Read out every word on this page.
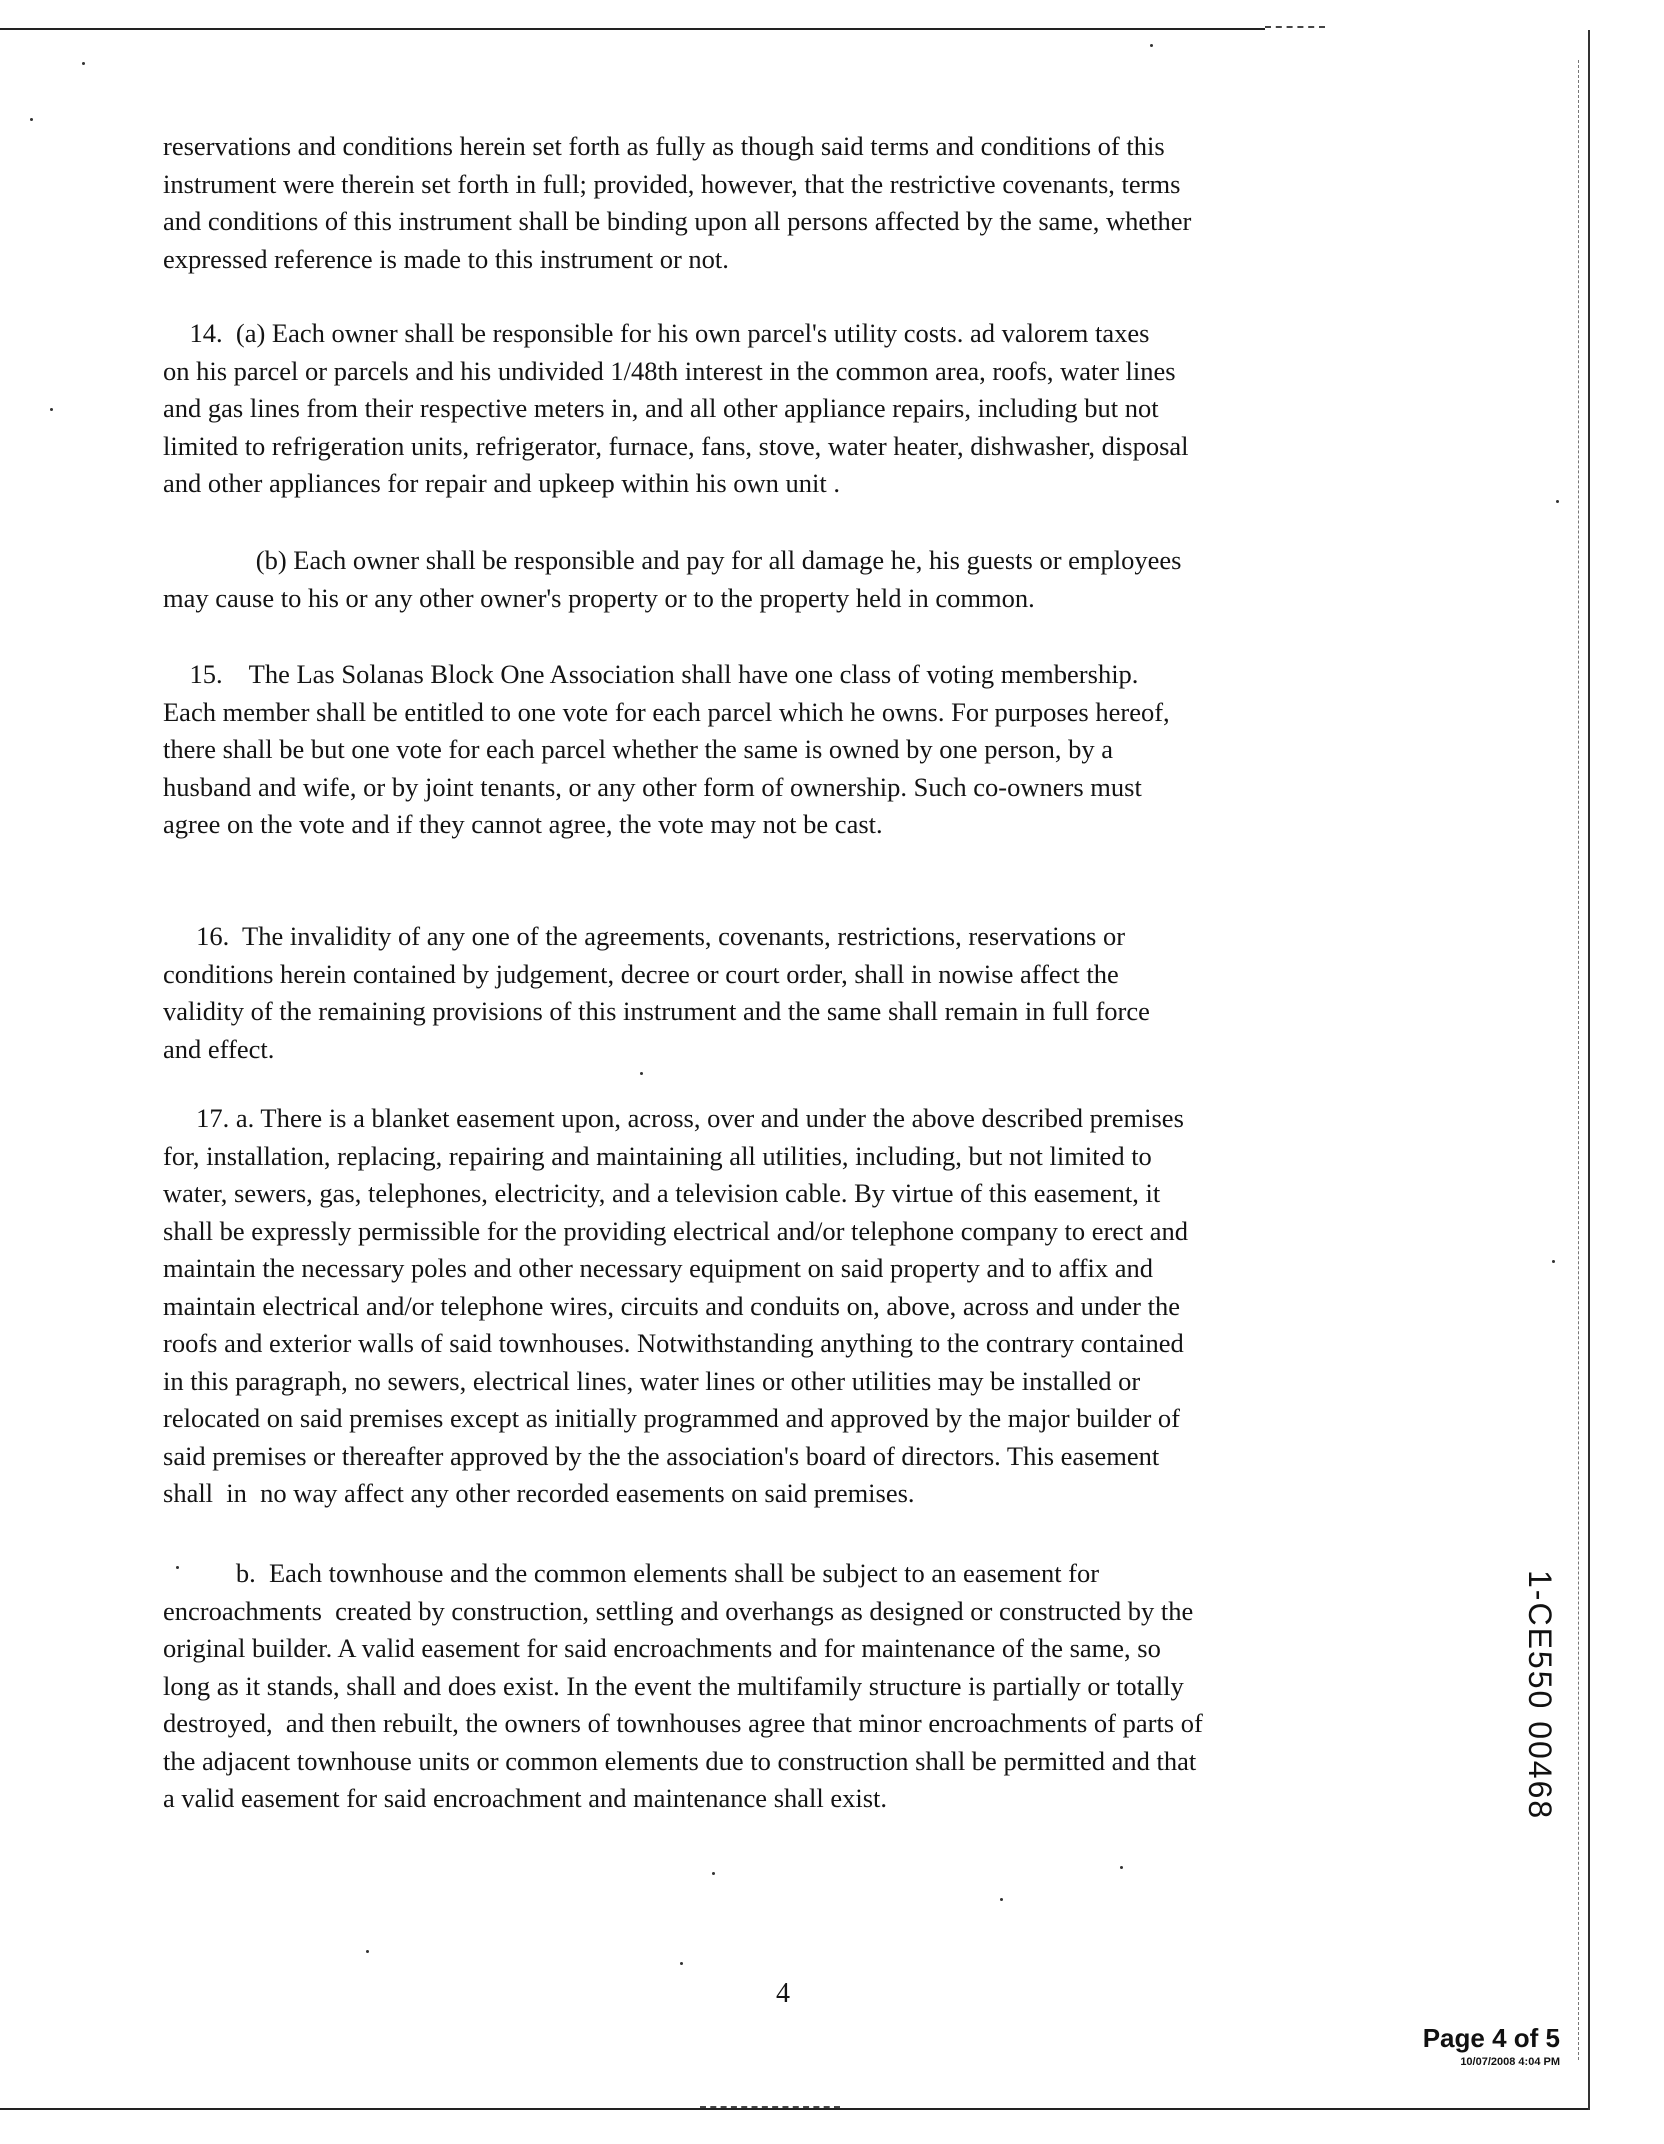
reservations and conditions herein set forth as fully as though said terms and conditions of this
instrument were therein set forth in full; provided, however, that the restrictive covenants, terms
and conditions of this instrument shall be binding upon all persons affected by the same, whether
expressed reference is made to this instrument or not.
14.  (a) Each owner shall be responsible for his own parcel's utility costs. ad valorem taxes
on his parcel or parcels and his undivided 1/48th interest in the common area, roofs, water lines
and gas lines from their respective meters in, and all other appliance repairs, including but not
limited to refrigeration units, refrigerator, furnace, fans, stove, water heater, dishwasher, disposal
and other appliances for repair and upkeep within his own unit .
(b) Each owner shall be responsible and pay for all damage he, his guests or employees
may cause to his or any other owner's property or to the property held in common.
15.    The Las Solanas Block One Association shall have one class of voting membership.
Each member shall be entitled to one vote for each parcel which he owns. For purposes hereof,
there shall be but one vote for each parcel whether the same is owned by one person, by a
husband and wife, or by joint tenants, or any other form of ownership. Such co-owners must
agree on the vote and if they cannot agree, the vote may not be cast.
16.  The invalidity of any one of the agreements, covenants, restrictions, reservations or
conditions herein contained by judgement, decree or court order, shall in nowise affect the
validity of the remaining provisions of this instrument and the same shall remain in full force
and effect.
17. a. There is a blanket easement upon, across, over and under the above described premises
for, installation, replacing, repairing and maintaining all utilities, including, but not limited to
water, sewers, gas, telephones, electricity, and a television cable. By virtue of this easement, it
shall be expressly permissible for the providing electrical and/or telephone company to erect and
maintain the necessary poles and other necessary equipment on said property and to affix and
maintain electrical and/or telephone wires, circuits and conduits on, above, across and under the
roofs and exterior walls of said townhouses. Notwithstanding anything to the contrary contained
in this paragraph, no sewers, electrical lines, water lines or other utilities may be installed or
relocated on said premises except as initially programmed and approved by the major builder of
said premises or thereafter approved by the the association's board of directors. This easement
shall  in  no way affect any other recorded easements on said premises.
b.  Each townhouse and the common elements shall be subject to an easement for
encroachments  created by construction, settling and overhangs as designed or constructed by the
original builder. A valid easement for said encroachments and for maintenance of the same, so
long as it stands, shall and does exist. In the event the multifamily structure is partially or totally
destroyed,  and then rebuilt, the owners of townhouses agree that minor encroachments of parts of
the adjacent townhouse units or common elements due to construction shall be permitted and that
a valid easement for said encroachment and maintenance shall exist.	1-CE550 00468
4
Page 4 of 5
10/07/2008 4:04 PM
